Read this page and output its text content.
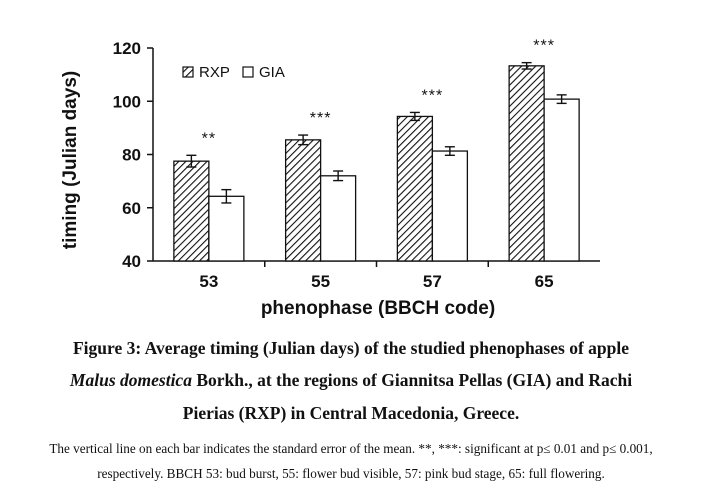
40
60
80
100
120
**
53
***
55
***
57
***
65
RXP GIA
timing (Julian days)
phenophase (BBCH code)
Figure 3: Average timing (Julian days) of the studied phenophases of apple
Malus domestica Borkh., at the regions of Giannitsa Pellas (GIA) and Rachi
Pierias (RXP) in Central Macedonia, Greece.
The vertical line on each bar indicates the standard error of the mean. **, ***: significant at p≤ 0.01 and p≤ 0.001,
respectively. BBCH 53: bud burst, 55: flower bud visible, 57: pink bud stage, 65: full flowering.
